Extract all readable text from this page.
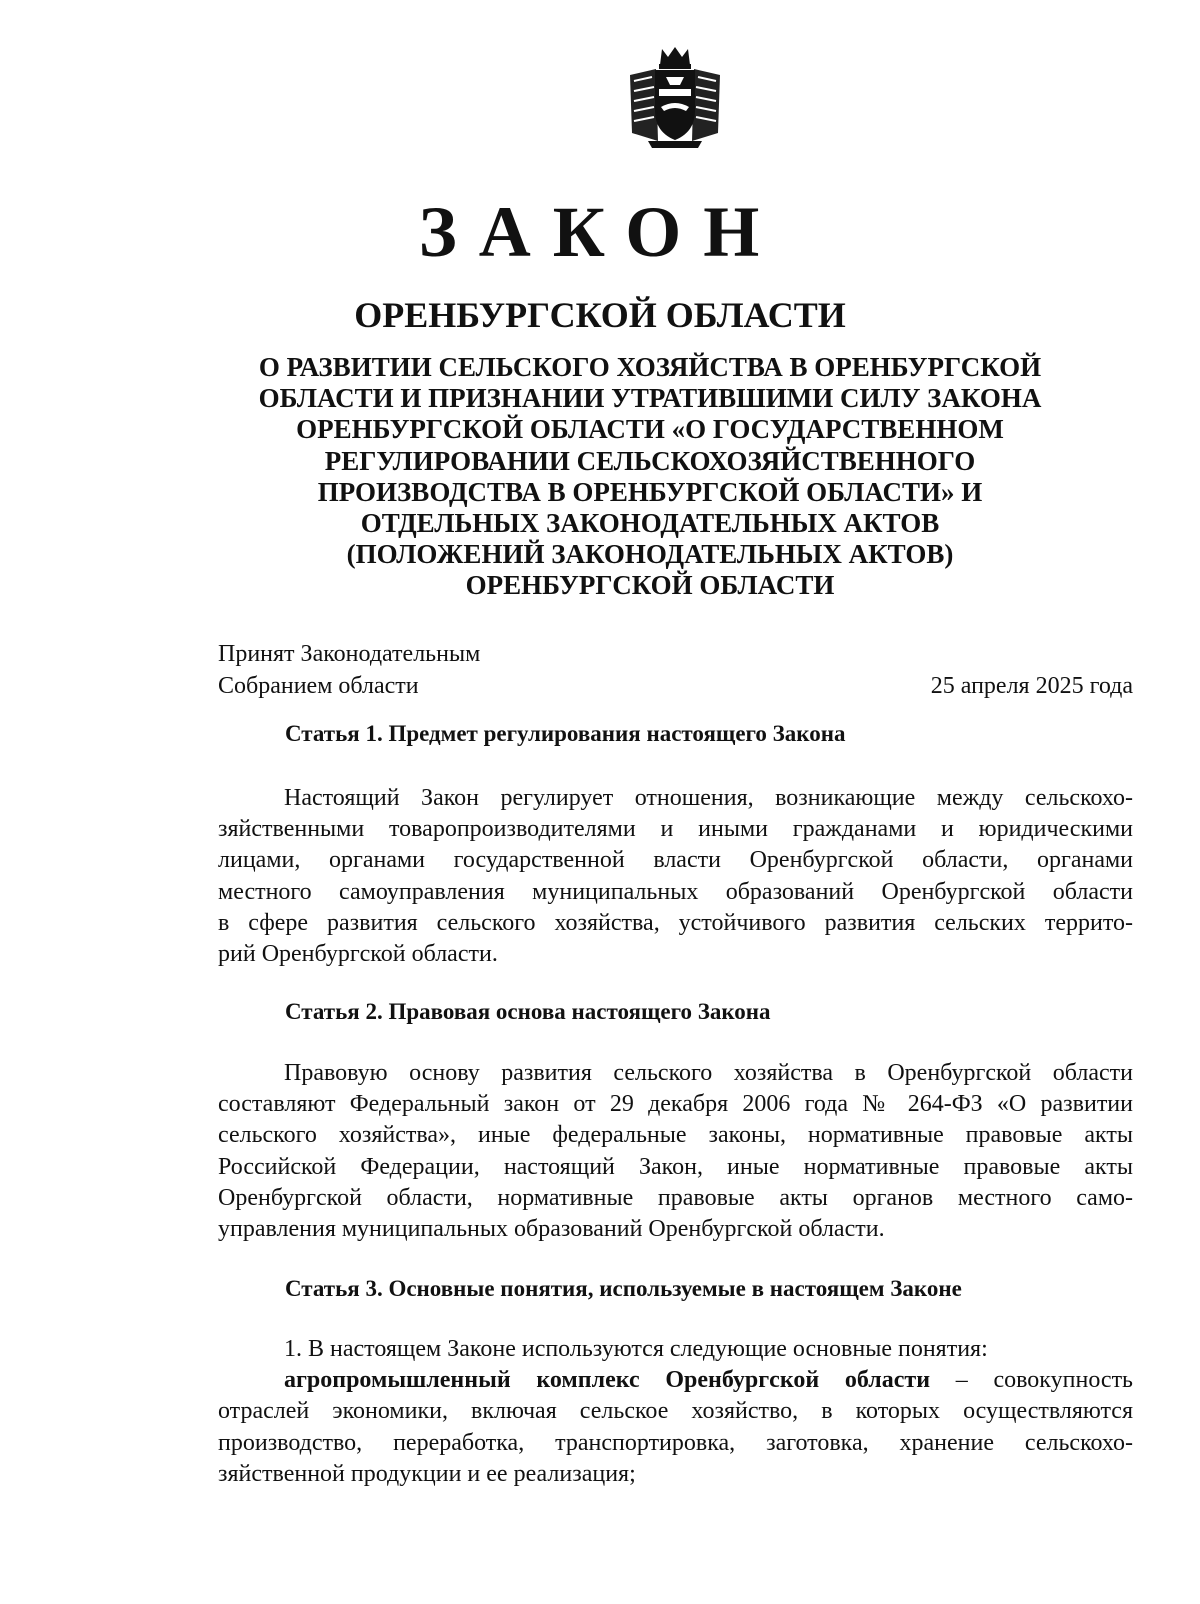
ЗАКОН
ОРЕНБУРГСКОЙ ОБЛАСТИ
О РАЗВИТИИ СЕЛЬСКОГО ХОЗЯЙСТВА В ОРЕНБУРГСКОЙ
ОБЛАСТИ И ПРИЗНАНИИ УТРАТИВШИМИ СИЛУ ЗАКОНА
ОРЕНБУРГСКОЙ ОБЛАСТИ «О ГОСУДАРСТВЕННОМ
РЕГУЛИРОВАНИИ СЕЛЬСКОХОЗЯЙСТВЕННОГО
ПРОИЗВОДСТВА В ОРЕНБУРГСКОЙ ОБЛАСТИ» И
ОТДЕЛЬНЫХ ЗАКОНОДАТЕЛЬНЫХ АКТОВ
(ПОЛОЖЕНИЙ ЗАКОНОДАТЕЛЬНЫХ АКТОВ)
ОРЕНБУРГСКОЙ ОБЛАСТИ
Принят Законодательным
Собранием области	25 апреля 2025 года
Статья 1. Предмет регулирования настоящего Закона
Настоящий Закон регулирует отношения, возникающие между сельскохо-
зяйственными товаропроизводителями и иными гражданами и юридическими
лицами, органами государственной власти Оренбургской области, органами
местного самоуправления муниципальных образований Оренбургской области
в сфере развития сельского хозяйства, устойчивого развития сельских террито-
рий Оренбургской области.
Статья 2. Правовая основа настоящего Закона
Правовую основу развития сельского хозяйства в Оренбургской области
составляют Федеральный закон от 29 декабря 2006 года № 264-ФЗ «О развитии
сельского хозяйства», иные федеральные законы, нормативные правовые акты
Российской Федерации, настоящий Закон, иные нормативные правовые акты
Оренбургской области, нормативные правовые акты органов местного само-
управления муниципальных образований Оренбургской области.
Статья 3. Основные понятия, используемые в настоящем Законе
1. В настоящем Законе используются следующие основные понятия:
агропромышленный комплекс Оренбургской области – совокупность
отраслей экономики, включая сельское хозяйство, в которых осуществляются
производство, переработка, транспортировка, заготовка, хранение сельскохо-
зяйственной продукции и ее реализация;
